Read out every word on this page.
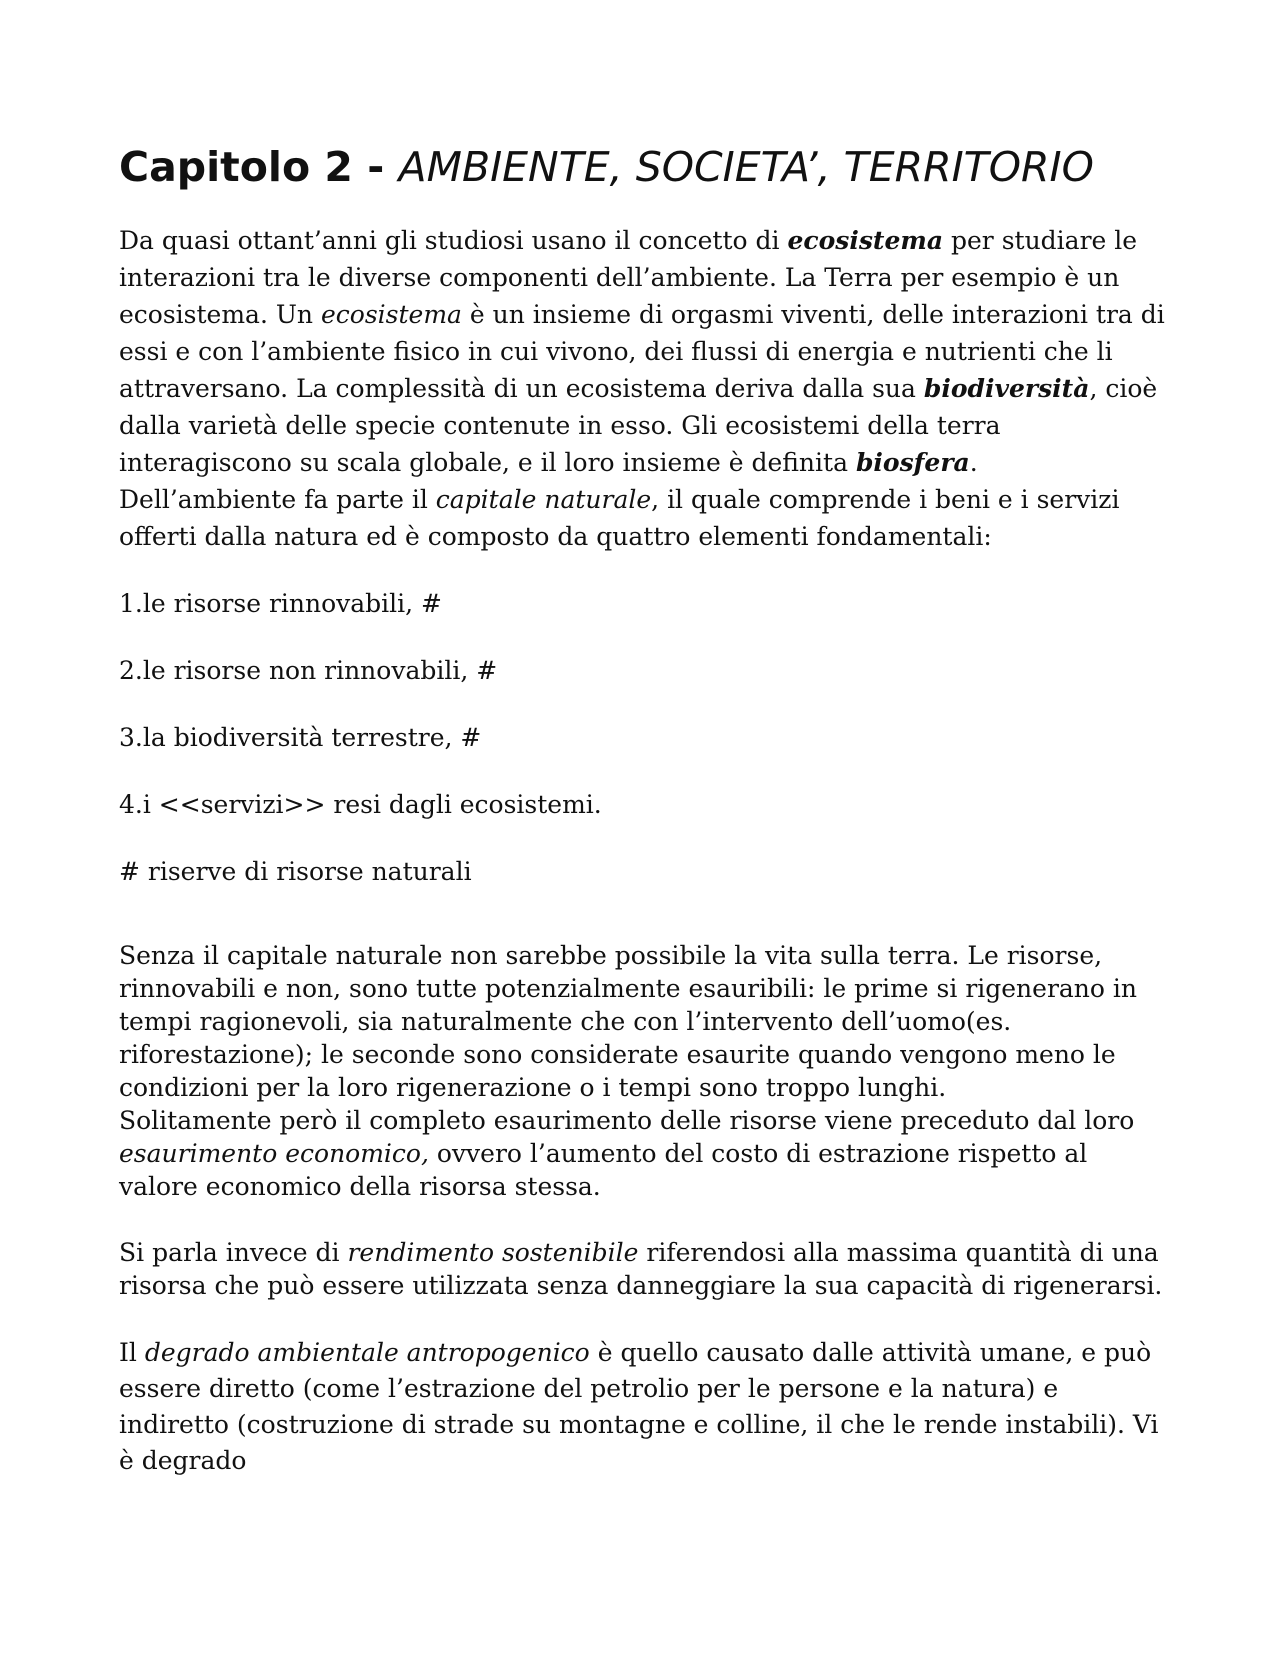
Capitolo 2 - AMBIENTE, SOCIETA’, TERRITORIO

Da quasi ottant’anni gli studiosi usano il concetto di ecosistema per studiare le interazioni tra le diverse componenti dell’ambiente. La Terra per esempio è un ecosistema. Un ecosistema è un insieme di orgasmi viventi, delle interazioni tra di essi e con l’ambiente fisico in cui vivono, dei flussi di energia e nutrienti che li attraversano. La complessità di un ecosistema deriva dalla sua biodiversità, cioè dalla varietà delle specie contenute in esso. Gli ecosistemi della terra interagiscono su scala globale, e il loro insieme è definita biosfera.

Dell’ambiente fa parte il capitale naturale, il quale comprende i beni e i servizi offerti dalla natura ed è composto da quattro elementi fondamentali:

1.le risorse rinnovabili, #

2.le risorse non rinnovabili, #

3.la biodiversità terrestre, #

4.i <<servizi>> resi dagli ecosistemi.

# riserve di risorse naturali

Senza il capitale naturale non sarebbe possibile la vita sulla terra. Le risorse, rinnovabili e non, sono tutte potenzialmente esauribili: le prime si rigenerano in tempi ragionevoli, sia naturalmente che con l’intervento dell’uomo(es. riforestazione); le seconde sono considerate esaurite quando vengono meno le condizioni per la loro rigenerazione o i tempi sono troppo lunghi.

Solitamente però il completo esaurimento delle risorse viene preceduto dal loro esaurimento economico, ovvero l’aumento del costo di estrazione rispetto al valore economico della risorsa stessa.

Si parla invece di rendimento sostenibile riferendosi alla massima quantità di una risorsa che può essere utilizzata senza danneggiare la sua capacità di rigenerarsi.

Il degrado ambientale antropogenico è quello causato dalle attività umane, e può essere diretto (come l’estrazione del petrolio per le persone e la natura) e indiretto (costruzione di strade su montagne e colline, il che le rende instabili). Vi è degrado
